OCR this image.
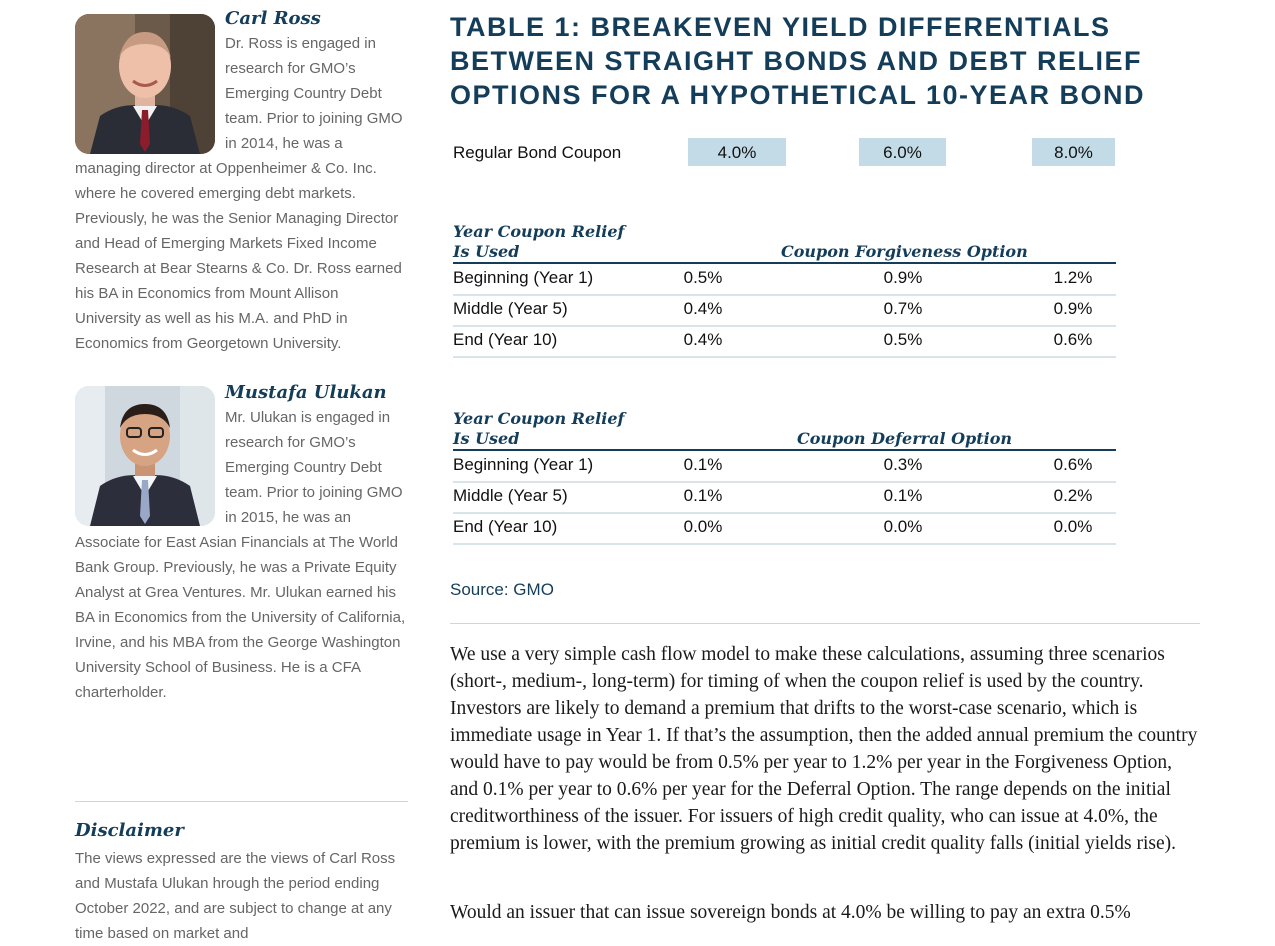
Carl Ross

Dr. Ross is engaged in research for GMO’s Emerging Country Debt team. Prior to joining GMO in 2014, he was a managing director at Oppenheimer & Co. Inc. where he covered emerging debt markets. Previously, he was the Senior Managing Director and Head of Emerging Markets Fixed Income Research at Bear Stearns & Co. Dr. Ross earned his BA in Economics from Mount Allison University as well as his M.A. and PhD in Economics from Georgetown University.

Mustafa Ulukan

Mr. Ulukan is engaged in research for GMO’s Emerging Country Debt team. Prior to joining GMO in 2015, he was an Associate for East Asian Financials at The World Bank Group. Previously, he was a Private Equity Analyst at Grea Ventures. Mr. Ulukan earned his BA in Economics from the University of California, Irvine, and his MBA from the George Washington University School of Business. He is a CFA charterholder.

Disclaimer

The views expressed are the views of Carl Ross and Mustafa Ulukan hrough the period ending October 2022, and are subject to change at any time based on market and

TABLE 1: BREAKEVEN YIELD DIFFERENTIALS BETWEEN STRAIGHT BONDS AND DEBT RELIEF OPTIONS FOR A HYPOTHETICAL 10-YEAR BOND
Regular Bond Coupon	4.0%	6.0%	8.0%
Year Coupon Relief
Is Used	Coupon Forgiveness Option
Beginning (Year 1)	0.5%	0.9%	1.2%
Middle (Year 5)	0.4%	0.7%	0.9%
End (Year 10)	0.4%	0.5%	0.6%
Year Coupon Relief
Is Used	Coupon Deferral Option
Beginning (Year 1)	0.1%	0.3%	0.6%
Middle (Year 5)	0.1%	0.1%	0.2%
End (Year 10)	0.0%	0.0%	0.0%
Source: GMO

We use a very simple cash flow model to make these calculations, assuming three scenarios (short-, medium-, long-term) for timing of when the coupon relief is used by the country. Investors are likely to demand a premium that drifts to the worst-case scenario, which is immediate usage in Year 1. If that’s the assumption, then the added annual premium the country would have to pay would be from 0.5% per year to 1.2% per year in the Forgiveness Option, and 0.1% per year to 0.6% per year for the Deferral Option. The range depends on the initial creditworthiness of the issuer. For issuers of high credit quality, who can issue at 4.0%, the premium is lower, with the premium growing as initial credit quality falls (initial yields rise).

Would an issuer that can issue sovereign bonds at 4.0% be willing to pay an extra 0.5%
